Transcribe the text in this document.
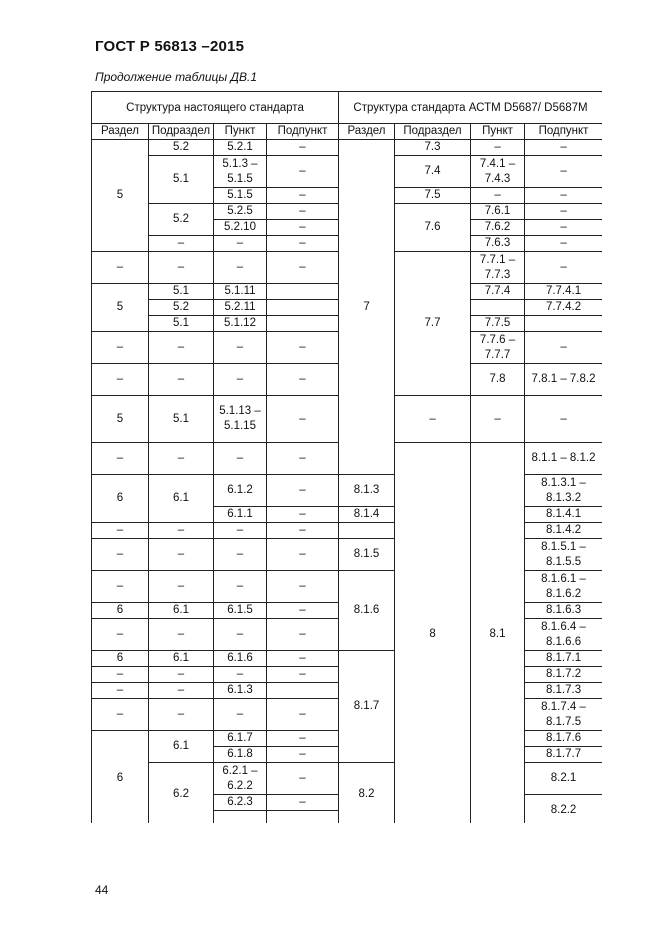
ГОСТ Р 56813 –2015
Продолжение таблицы ДВ.1
Структура настоящего стандарта				Структура стандарта АСТМ D5687/ D5687M				
Раздел	Подраздел	Пункт	Подпункт	Раздел	Подраздел	Пункт	Подпункт	
5	5.2	5.2.1	–	7	7.3	–	–	
	5.1	5.1.3 – 5.1.5	–		7.4	7.4.1 – 7.4.3	–	
		5.1.5	–		7.5	–	–	
	5.2	5.2.5	–		7.6	7.6.1	–	
		5.2.10	–			7.6.2	–	
	–	–	–			7.6.3	–	
–	–	–	–		7.7	7.7.1 – 7.7.3	–	
5	5.1	5.1.11				7.7.4	7.7.4.1	
	5.2	5.2.11					7.7.4.2	
	5.1	5.1.12				7.7.5		
–	–	–	–			7.7.6 – 7.7.7	–	
–	–	–	–			7.8	7.8.1 – 7.8.2	
5	5.1	5.1.13 – 5.1.15	–		–	–	–	
–	–	–	–		8	8.1	8.1.1 – 8.1.2	
6	6.1	6.1.2	–	8.1.3			8.1.3.1 – 8.1.3.2	
		6.1.1	–	8.1.4			8.1.4.1	
–	–	–	–				8.1.4.2	
–	–	–	–	8.1.5			8.1.5.1 – 8.1.5.5	
–	–	–	–	8.1.6			8.1.6.1 – 8.1.6.2	
6	6.1	6.1.5	–				8.1.6.3	
–	–	–	–				8.1.6.4 – 8.1.6.6	
6	6.1	6.1.6	–	8.1.7			8.1.7.1	
–	–	–	–				8.1.7.2	
–	–	6.1.3					8.1.7.3	
–	–	–	–				8.1.7.4 – 8.1.7.5	
6	6.1	6.1.7	–				8.1.7.6	
		6.1.8	–				8.1.7.7	
	6.2	6.2.1 – 6.2.2	–	8.2			8.2.1	
		6.2.3	–				8.2.2	

44
